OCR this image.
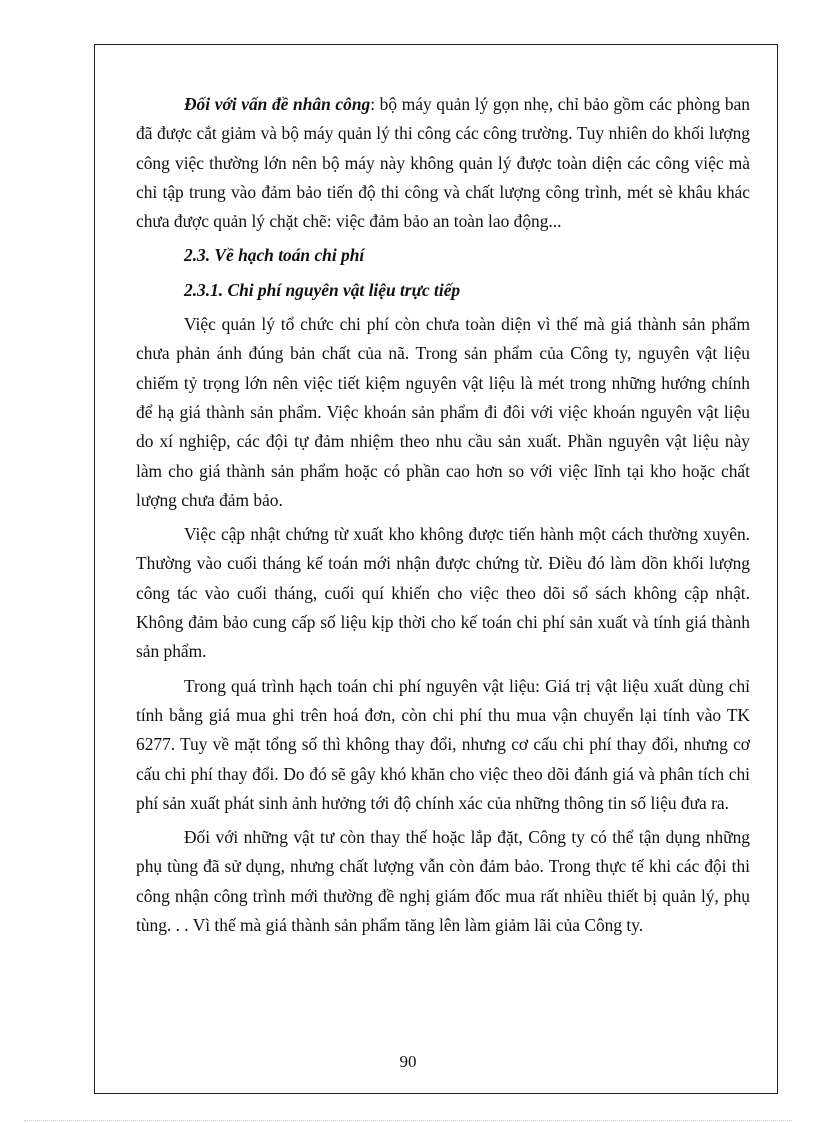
Đối với vấn đề nhân công: bộ máy quản lý gọn nhẹ, chỉ bảo gồm các phòng ban đã được cắt giảm và bộ máy quản lý thi công các công trường. Tuy nhiên do khối lượng công việc thường lớn nên bộ máy này không quản lý được toàn diện các công việc mà chỉ tập trung vào đảm bảo tiến độ thi công và chất lượng công trình, mét sè khâu khác chưa được quản lý chặt chẽ: việc đảm bảo an toàn lao động...

2.3. Về hạch toán chi phí

2.3.1. Chi phí nguyên vật liệu trực tiếp

Việc quản lý tổ chức chi phí còn chưa toàn diện vì thế mà giá thành sản phẩm chưa phản ánh đúng bản chất của nã. Trong sản phẩm của Công ty, nguyên vật liệu chiếm tỷ trọng lớn nên việc tiết kiệm nguyên vật liệu là mét trong những hướng chính để hạ giá thành sản phẩm. Việc khoán sản phẩm đi đôi với việc khoán nguyên vật liệu do xí nghiệp, các đội tự đảm nhiệm theo nhu cầu sản xuất. Phần nguyên vật liệu này làm cho giá thành sản phẩm hoặc có phần cao hơn so với việc lĩnh tại kho hoặc chất lượng chưa đảm bảo.

Việc cập nhật chứng từ xuất kho không được tiến hành một cách thường xuyên. Thường vào cuối tháng kế toán mới nhận được chứng từ. Điều đó làm dồn khối lượng công tác vào cuối tháng, cuối quí khiến cho việc theo dõi sổ sách không cập nhật. Không đảm bảo cung cấp số liệu kịp thời cho kế toán chi phí sản xuất và tính giá thành sản phẩm.

Trong quá trình hạch toán chi phí nguyên vật liệu: Giá trị vật liệu xuất dùng chỉ tính bằng giá mua ghi trên hoá đơn, còn chi phí thu mua vận chuyển lại tính vào TK 6277. Tuy về mặt tổng số thì không thay đổi, nhưng cơ cấu chi phí thay đổi, nhưng cơ cấu chi phí thay đổi. Do đó sẽ gây khó khăn cho việc theo dõi đánh giá và phân tích chi phí sản xuất phát sinh ảnh hưởng tới độ chính xác của những thông tin số liệu đưa ra.

Đối với những vật tư còn thay thế hoặc lắp đặt, Công ty có thể tận dụng những phụ tùng đã sử dụng, nhưng chất lượng vẫn còn đảm bảo. Trong thực tế khi các đội thi công nhận công trình mới thường đề nghị giám đốc mua rất nhiều thiết bị quản lý, phụ tùng. . . Vì thế mà giá thành sản phẩm tăng lên làm giảm lãi của Công ty.

90
